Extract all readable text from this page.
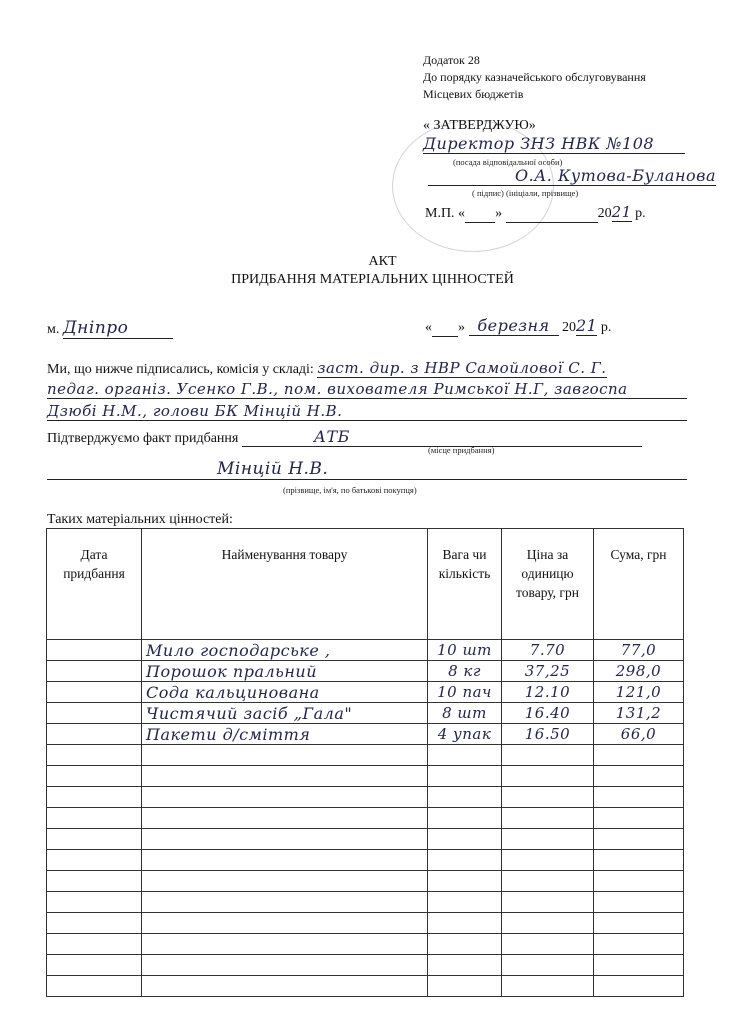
Додаток 28
До порядку казначейського обслуговування
Місцевих бюджетів
« ЗАТВЕРДЖУЮ»
Директор ЗНЗ НВК №108
(посада відповідальної особи)
О.А. Кутова-Буланова
( підпис) (ініціали, прізвище)
М.П. « »	2021 р.
АКТ
ПРИДБАННЯ МАТЕРІАЛЬНИХ ЦІННОСТЕЙ
м. Дніпро	« » березня 2021 р.
Ми, що нижче підписались, комісія у складі: заст. дир. з НВР Самойлової С. Г.
педаг. організ. Усенко Г.В., пом. вихователя Римської Н.Г, завгоспа
Дзюбі Н.М., голови БК Мінцій Н.В.
Підтверджуємо факт придбання	АТБ
(місце придбання)
Мінцій Н.В.
(прізвище, ім'я, по батькові покупця)
Таких матеріальних цінностей:
Дата придбання	Найменування товару	Вага чи кількість	Ціна за одиницю товару, грн	Сума, грн
	Мило господарське ,	10 шт	7.70	77,0
	Порошок пральний	8 кг	37,25	298,0
	Сода кальцинована	10 пач	12.10	121,0
	Чистячий засіб „Гала"	8 шт	16.40	131,2
	Пакети д/сміття	4 упак	16.50	66,0
